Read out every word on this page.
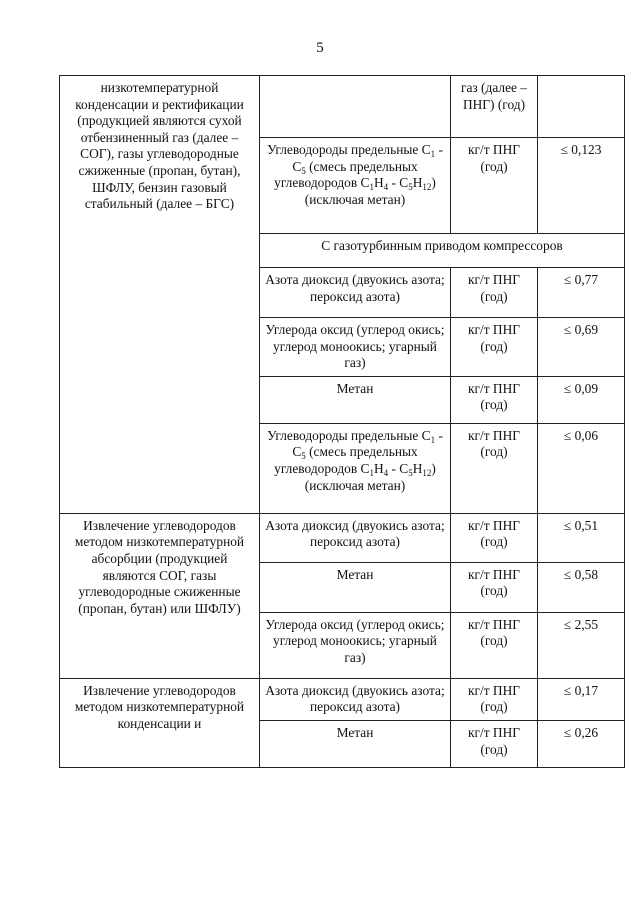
5
низкотемпературной конденсации и ректификации (продукцией являются сухой отбензиненный газ (далее – СОГ), газы углеводородные сжиженные (пропан, бутан), ШФЛУ, бензин газовый стабильный (далее – БГС)		газ (далее – ПНГ) (год)	
	Углеводороды предельные $C_1 - C_5$ (смесь предельных углеводородов $C_1H_4 - C_5H_{12}$) (исключая метан)	кг/т ПНГ (год)	≤ 0,123
	С газотурбинным приводом компрессоров		
	Азота диоксид (двуокись азота; пероксид азота)	кг/т ПНГ (год)	≤ 0,77
	Углерода оксид (углерод окись; углерод моноокись; угарный газ)	кг/т ПНГ (год)	≤ 0,69
	Метан	кг/т ПНГ (год)	≤ 0,09
	Углеводороды предельные $C_1 - C_5$ (смесь предельных углеводородов $C_1H_4 - C_5H_{12}$) (исключая метан)	кг/т ПНГ (год)	≤ 0,06
Извлечение углеводородов методом низкотемпературной абсорбции (продукцией являются СОГ, газы углеводородные сжиженные (пропан, бутан) или ШФЛУ)	Азота диоксид (двуокись азота; пероксид азота)	кг/т ПНГ (год)	≤ 0,51
	Метан	кг/т ПНГ (год)	≤ 0,58
	Углерода оксид (углерод окись; углерод моноокись; угарный газ)	кг/т ПНГ (год)	≤ 2,55
Извлечение углеводородов методом низкотемпературной конденсации и	Азота диоксид (двуокись азота; пероксид азота)	кг/т ПНГ (год)	≤ 0,17
	Метан	кг/т ПНГ (год)	≤ 0,26
